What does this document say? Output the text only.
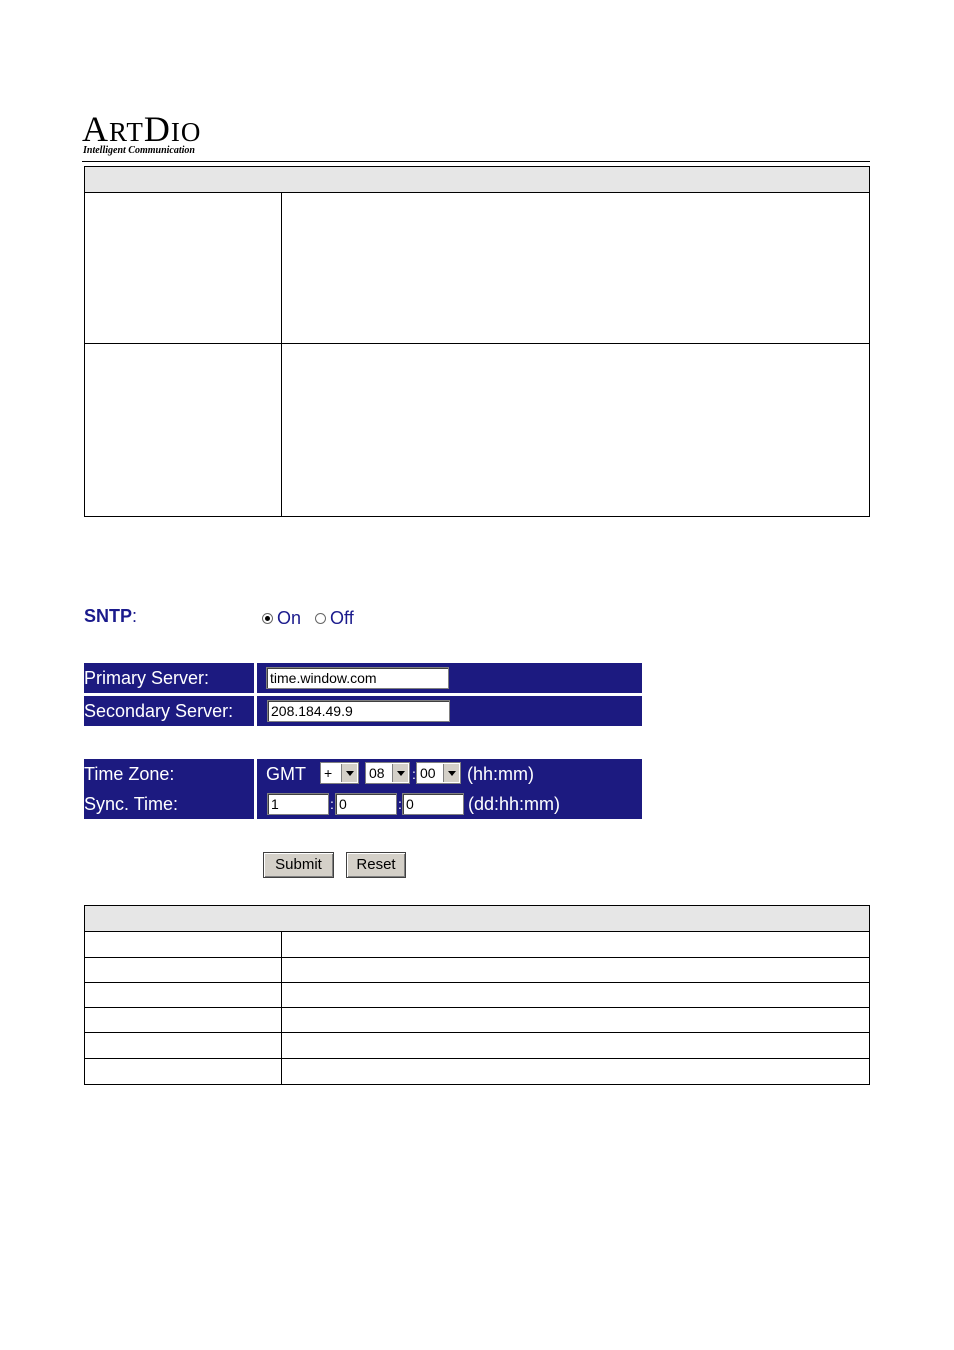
ARTDIO
Intelligent Communication
SNTP:	On Off
Primary Server:	time.window.com
Secondary Server:	208.184.49.9
Time Zone:	GMT +	08 : 00 (hh:mm)
Sync. Time:	1	: 0	: 0	(dd:hh:mm)
Submit	Reset
